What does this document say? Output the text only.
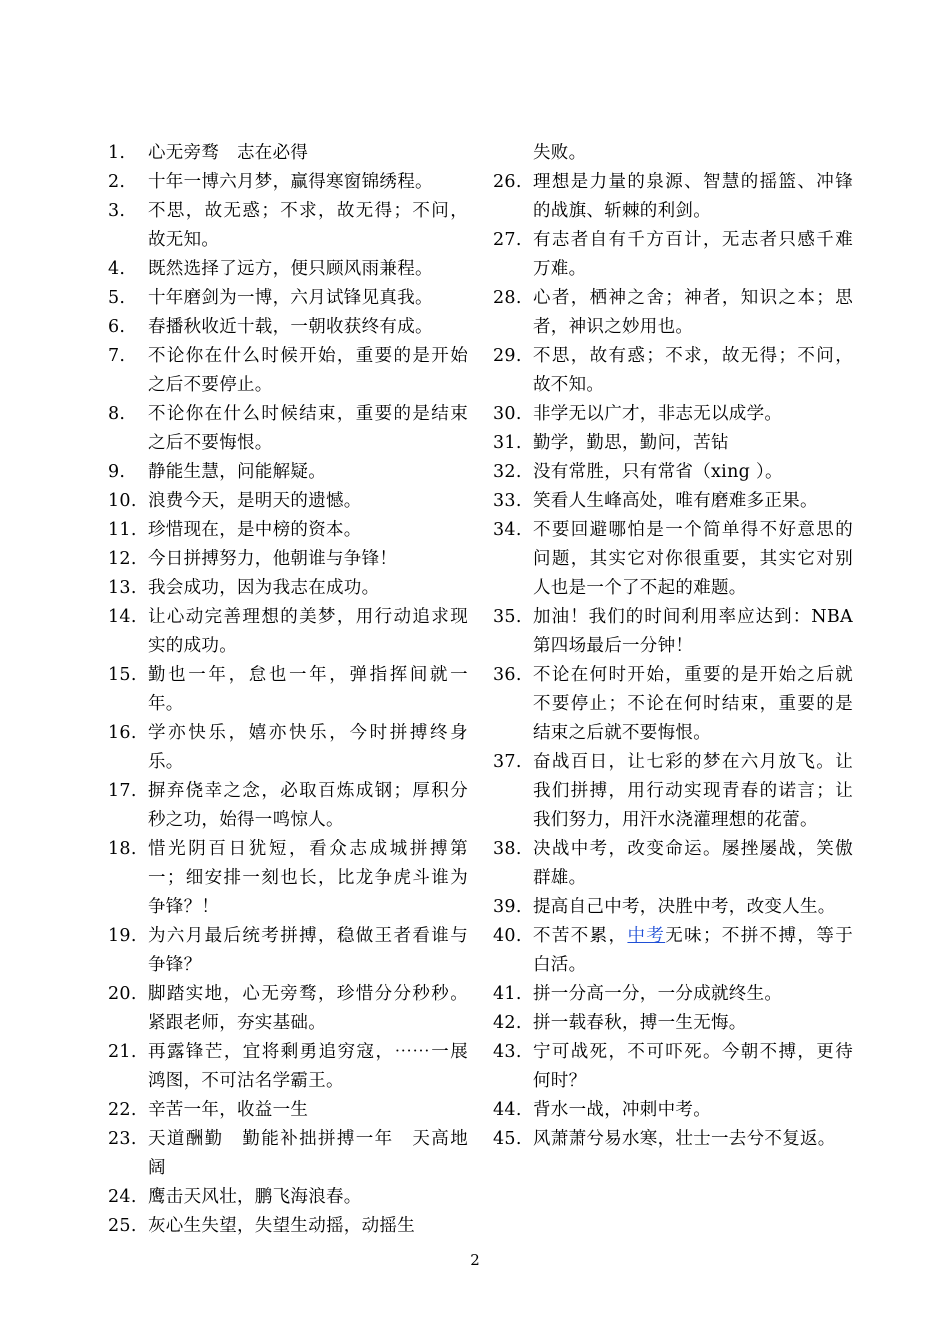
1.	心无旁骛　志在必得
2.	十年一博六月梦，赢得寒窗锦绣程。
3.	不思，故无惑；不求，故无得；不问，故无知。
4.	既然选择了远方，便只顾风雨兼程。
5.	十年磨剑为一博，六月试锋见真我。
6.	春播秋收近十载，一朝收获终有成。
7.	不论你在什么时候开始，重要的是开始之后不要停止。
8.	不论你在什么时候结束，重要的是结束之后不要悔恨。
9.	静能生慧，问能解疑。
10. 浪费今天，是明天的遗憾。
11. 珍惜现在，是中榜的资本。
12. 今日拼搏努力，他朝谁与争锋！
13. 我会成功，因为我志在成功。
14. 让心动完善理想的美梦，用行动追求现实的成功。
15. 勤也一年，怠也一年，弹指挥间就一年。
16. 学亦快乐，嬉亦快乐，今时拼搏终身乐。
17. 摒弃侥幸之念，必取百炼成钢；厚积分秒之功，始得一鸣惊人。
18. 惜光阴百日犹短，看众志成城拼搏第一；细安排一刻也长，比龙争虎斗谁为争锋？！
19. 为六月最后统考拼搏，稳做王者看谁与争锋？
20. 脚踏实地，心无旁骛，珍惜分分秒秒。紧跟老师，夯实基础。
21. 再露锋芒，宜将剩勇追穷寇，⋯⋯一展鸿图，不可沽名学霸王。
22. 辛苦一年，收益一生
23. 天道酬勤　勤能补拙拼搏一年　天高地阔
24. 鹰击天风壮，鹏飞海浪春。
25. 灰心生失望，失望生动摇，动摇生
失败。
26. 理想是力量的泉源、智慧的摇篮、冲锋的战旗、斩棘的利剑。
27. 有志者自有千方百计，无志者只感千难万难。
28. 心者，栖神之舍；神者，知识之本；思者，神识之妙用也。
29. 不思，故有惑；不求，故无得；不问，故不知。
30. 非学无以广才，非志无以成学。
31. 勤学，勤思，勤问，苦钻
32. 没有常胜，只有常省（xing ）。
33. 笑看人生峰高处，唯有磨难多正果。
34. 不要回避哪怕是一个简单得不好意思的问题，其实它对你很重要，其实它对别人也是一个了不起的难题。
35. 加油！我们的时间利用率应达到：NBA　第四场最后一分钟！
36. 不论在何时开始，重要的是开始之后就不要停止；不论在何时结束，重要的是结束之后就不要悔恨。
37. 奋战百日，让七彩的梦在六月放飞。让我们拼搏，用行动实现青春的诺言；让我们努力，用汗水浇灌理想的花蕾。
38. 决战中考，改变命运。屡挫屡战，笑傲群雄。
39. 提高自己中考，决胜中考，改变人生。
40. 不苦不累，中考无味；不拼不搏，等于白活。
41. 拼一分高一分，一分成就终生。
42. 拼一载春秋，搏一生无悔。
43. 宁可战死，不可吓死。今朝不搏，更待何时？
44. 背水一战，冲刺中考。
45. 风萧萧兮易水寒，壮士一去兮不复返。
2
